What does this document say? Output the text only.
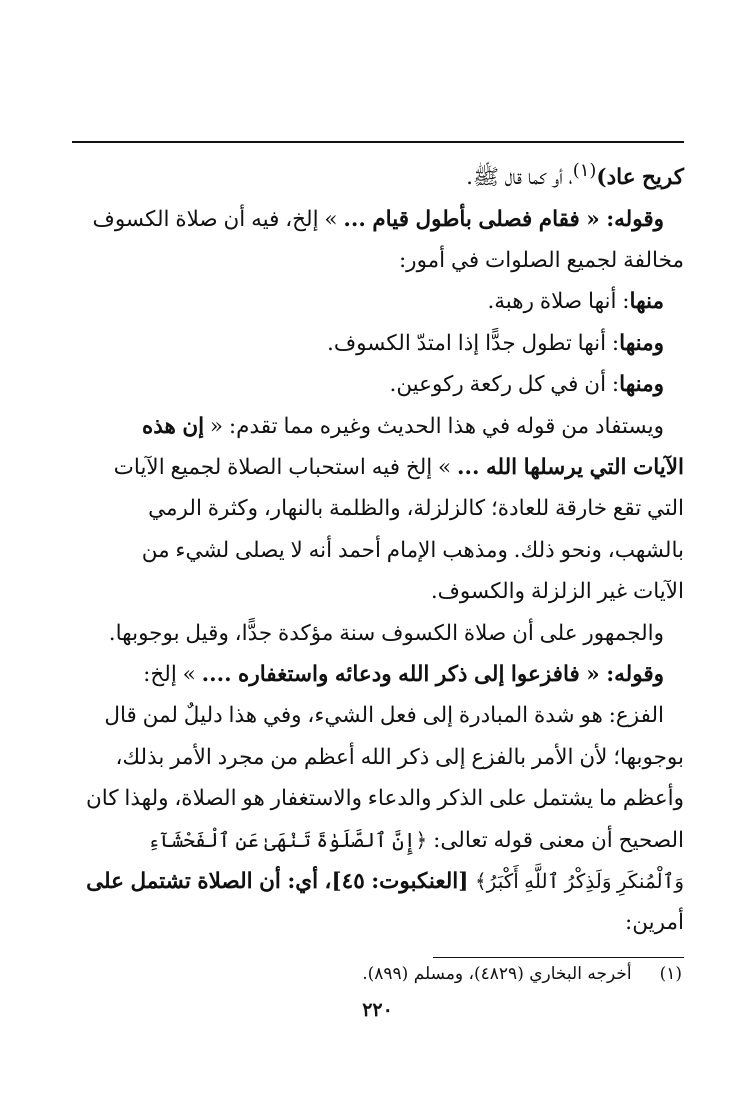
كريح عاد)$^{(١)}$، أو كما قال ﷺ.

وقوله: « فقام فصلى بأطول قيام ... » إلخ، فيه أن صلاة الكسوف

مخالفة لجميع الصلوات في أمور:

منها: أنها صلاة رهبة.

ومنها: أنها تطول جدًّا إذا امتدّ الكسوف.

ومنها: أن في كل ركعة ركوعين.

ويستفاد من قوله في هذا الحديث وغيره مما تقدم: « إن هذه

الآيات التي يرسلها الله ... » إلخ فيه استحباب الصلاة لجميع الآيات

التي تقع خارقة للعادة؛ كالزلزلة، والظلمة بالنهار، وكثرة الرمي

بالشهب، ونحو ذلك. ومذهب الإمام أحمد أنه لا يصلى لشيء من

الآيات غير الزلزلة والكسوف.

والجمهور على أن صلاة الكسوف سنة مؤكدة جدًّا، وقيل بوجوبها.

وقوله: « فافزعوا إلى ذكر الله ودعائه واستغفاره .... » إلخ:

الفزع: هو شدة المبادرة إلى فعل الشيء، وفي هذا دليلٌ لمن قال

بوجوبها؛ لأن الأمر بالفزع إلى ذكر الله أعظم من مجرد الأمر بذلك،

وأعظم ما يشتمل على الذكر والدعاء والاستغفار هو الصلاة، ولهذا كان

الصحيح أن معنى قوله تعالى: ﴿إِنَّ ٱلصَّلَوٰةَ تَنْهَىٰ عَنِ ٱلْفَحْشَآءِ

وَٱلْمُنكَرِ وَلَذِكْرُ ٱللَّهِ أَكْبَرُ﴾ [العنكبوت: ٤٥]، أي: أن الصلاة تشتمل على

أمرين:

(١)أخرجه البخاري (٤٨٢٩)، ومسلم (٨٩٩).
٢٢٠
